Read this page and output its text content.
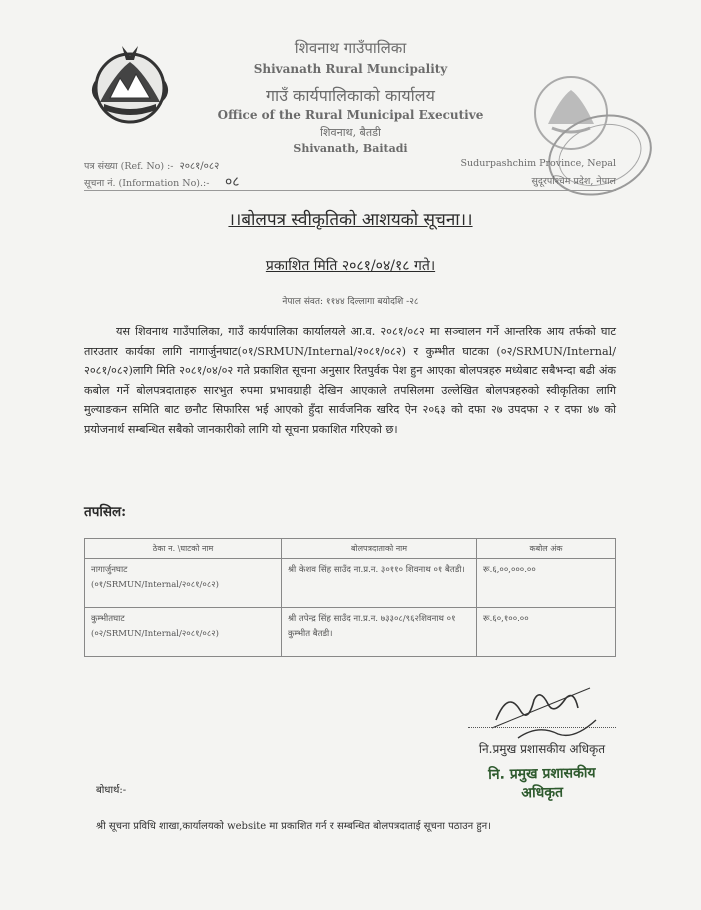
शिवनाथ गाउँपालिका
Shivanath Rural Muncipality
गाउँ कार्यपालिकाको कार्यालय
Office of the Rural Municipal Executive
शिवनाथ, बैतडी
Shivanath, Baitadi
पत्र संख्या (Ref. No) :- २०८१/०८२
सूचना नं. (Information No).:- ०८
Sudurpashchim Province, Nepal
सुदूरपश्चिम प्रदेश, नेपाल
।।बोलपत्र स्वीकृतिको आशयको सूचना।।
प्रकाशित मिति २०८१/०४/१८ गते।
नेपाल संवत: ११४४ दिल्लागा बयोदशि -२८
यस शिवनाथ गाउँपालिका, गाउँ कार्यपालिका कार्यालयले आ.व. २०८१/०८२ मा सञ्चालन गर्ने आन्तरिक आय तर्फको घाट तारउतार कार्यका लागि नागार्जुनघाट(०१/SRMUN/Internal/२०८१/०८२) र कुम्भीत घाटका (०२/SRMUN/Internal/२०८१/०८२)लागि मिति २०८१/०४/०२ गते प्रकाशित सूचना अनुसार रितपुर्वक पेश हुन आएका बोलपत्रहरु मध्येबाट सबैभन्दा बढी अंक कबोल गर्ने बोलपत्रदाताहरु सारभुत रुपमा प्रभावग्राही देखिन आएकाले तपसिलमा उल्लेखित बोलपत्रहरुको स्वीकृतिका लागि मुल्याङकन समिति बाट छनौट सिफारिस भई आएको हुँदा सार्वजनिक खरिद ऐन २०६३ को दफा २७ उपदफा २ र दफा ४७ को प्रयोजनार्थ सम्बन्धित सबैको जानकारीको लागि यो सूचना प्रकाशित गरिएको छ।
तपसिल:
ठेका न. \घाटको नाम	बोलपत्रदाताको नाम	कबोल अंक

नागार्जुनघाट
(०१/SRMUN/Internal/२०८१/०८२)	श्री केशव सिंह साउँद ना.प्र.न. ३०११० शिवनाथ ०१ बैतडी।	रू.६,००,०००.००

कुम्भीतघाट
(०२/SRMUN/Internal/२०८१/०८२)	श्री तपेन्द्र सिंह साउँद ना.प्र.न. ७३३०८/९६२शिवनाथ ०१ कुम्भीत बैतडी।	रू.६०,१००.००
नि.प्रमुख प्रशासकीय अधिकृत
नि. प्रमुख प्रशासकीय अधिकृत
बोधार्थ:-
श्री सूचना प्रविधि शाखा,कार्यालयको website मा प्रकाशित गर्न र सम्बन्धित बोलपत्रदाताई सूचना पठाउन हुन।
